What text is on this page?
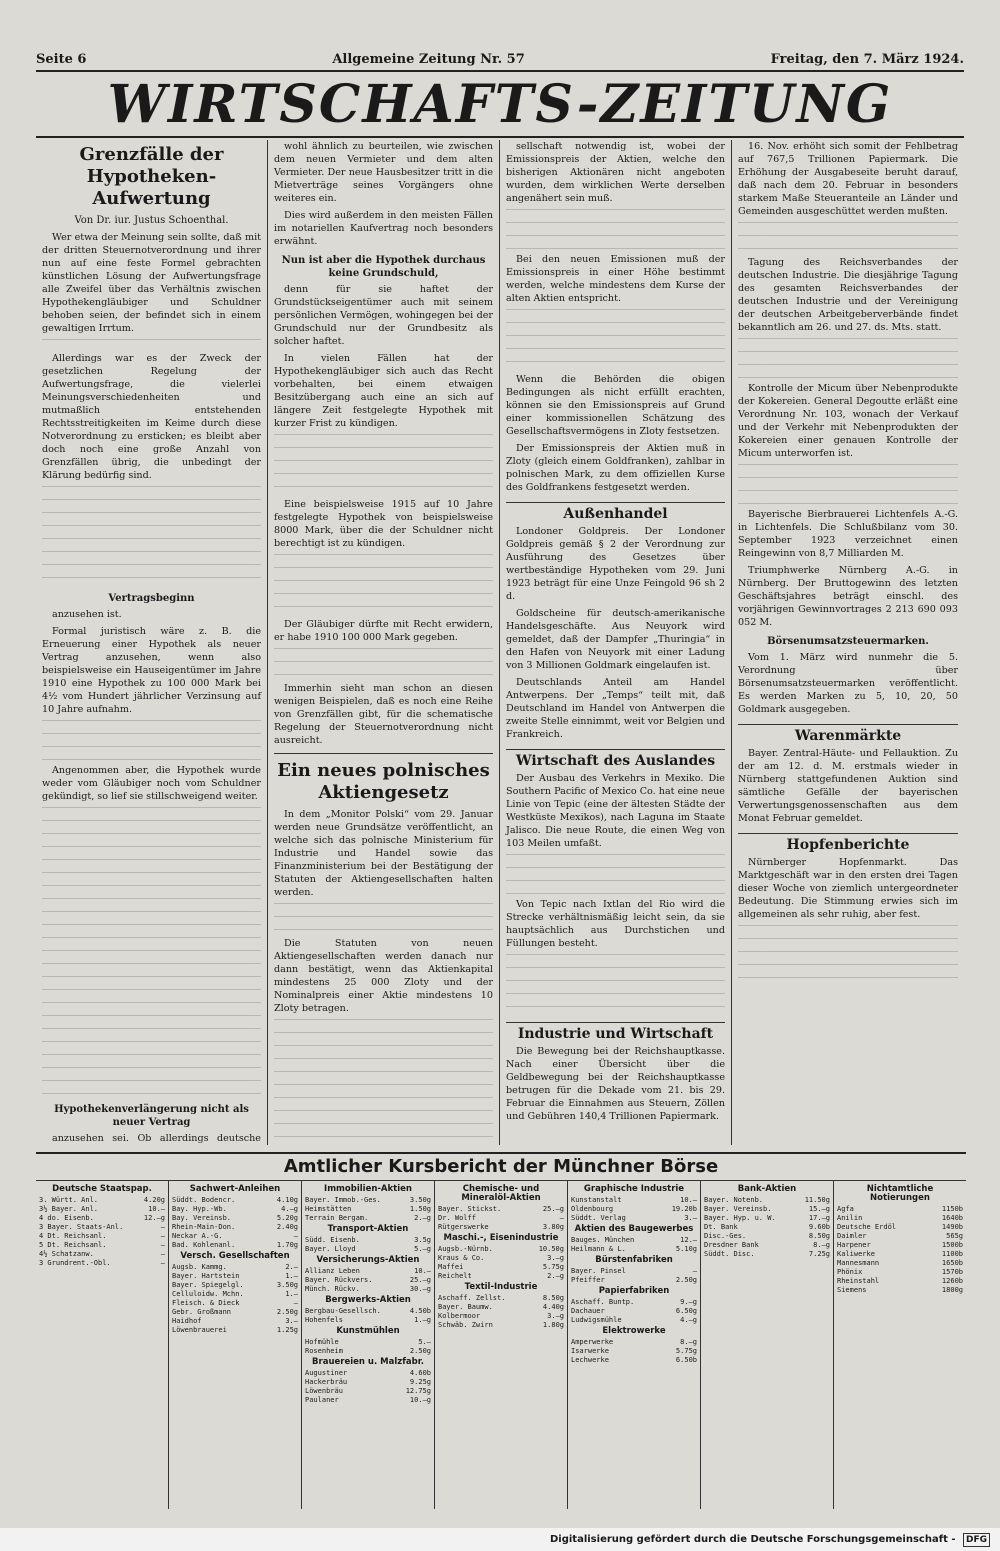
Seite 6	Allgemeine Zeitung Nr. 57	Freitag, den 7. März 1924.
WIRTSCHAFTS-ZEITUNG
Grenzfälle der Hypotheken-Aufwertung
Von Dr. iur. Justus Schoenthal.

Wer etwa der Meinung sein sollte, daß mit der dritten Steuernotverordnung und ihrer nun auf eine feste Formel gebrachten künstlichen Lösung der Aufwertungsfrage alle Zweifel über das Verhältnis zwischen Hypothekengläubiger und Schuldner behoben seien, der befindet sich in einem gewaltigen Irrtum.

Allerdings war es der Zweck der gesetzlichen Regelung der Aufwertungsfrage, die vielerlei Meinungsverschiedenheiten und mutmaßlich entstehenden Rechtsstreitigkeiten im Keime durch diese Notverordnung zu ersticken; es bleibt aber doch noch eine große Anzahl von Grenzfällen übrig, die unbedingt der Klärung bedürfig sind.

Vertragsbeginn

anzusehen ist.

Formal juristisch wäre z. B. die Erneuerung einer Hypothek als neuer Vertrag anzusehen, wenn also beispielsweise ein Hauseigentümer im Jahre 1910 eine Hypothek zu 100 000 Mark bei 4½ vom Hundert jährlicher Verzinsung auf 10 Jahre aufnahm.

Angenommen aber, die Hypothek wurde weder vom Gläubiger noch vom Schuldner gekündigt, so lief sie stillschweigend weiter.

Hypothekenverlängerung nicht als neuer Vertrag

anzusehen sei. Ob allerdings deutsche

wohl ähnlich zu beurteilen, wie zwischen dem neuen Vermieter und dem alten Vermieter. Der neue Hausbesitzer tritt in die Mietverträge seines Vorgängers ohne weiteres ein.

Dies wird außerdem in den meisten Fällen im notariellen Kaufvertrag noch besonders erwähnt.

Nun ist aber die Hypothek durchaus keine Grundschuld,

denn für sie haftet der Grundstückseigentümer auch mit seinem persönlichen Vermögen, wohingegen bei der Grundschuld nur der Grundbesitz als solcher haftet.

In vielen Fällen hat der Hypothekengläubiger sich auch das Recht vorbehalten, bei einem etwaigen Besitzübergang auch eine an sich auf längere Zeit festgelegte Hypothek mit kurzer Frist zu kündigen.

Eine beispielsweise 1915 auf 10 Jahre festgelegte Hypothek von beispielsweise 8000 Mark, über die der Schuldner nicht berechtigt ist zu kündigen.

Der Gläubiger dürfte mit Recht erwidern, er habe 1910 100 000 Mark gegeben.

Immerhin sieht man schon an diesen wenigen Beispielen, daß es noch eine Reihe von Grenzfällen gibt, für die schematische Regelung der Steuernotverordnung nicht ausreicht.

Ein neues polnisches Aktiengesetz

In dem „Monitor Polski“ vom 29. Januar werden neue Grundsätze veröffentlicht, an welche sich das polnische Ministerium für Industrie und Handel sowie das Finanzministerium bei der Bestätigung der Statuten der Aktiengesellschaften halten werden.

Die Statuten von neuen Aktiengesellschaften werden danach nur dann bestätigt, wenn das Aktienkapital mindestens 25 000 Zloty und der Nominalpreis einer Aktie mindestens 10 Zloty betragen.

sellschaft notwendig ist, wobei der Emissionspreis der Aktien, welche den bisherigen Aktionären nicht angeboten wurden, dem wirklichen Werte derselben angenähert sein muß.

Bei den neuen Emissionen muß der Emissionspreis in einer Höhe bestimmt werden, welche mindestens dem Kurse der alten Aktien entspricht.

Wenn die Behörden die obigen Bedingungen als nicht erfüllt erachten, können sie den Emissionspreis auf Grund einer kommissionellen Schätzung des Gesellschaftsvermögens in Zloty festsetzen.

Der Emissionspreis der Aktien muß in Zloty (gleich einem Goldfranken), zahlbar in polnischen Mark, zu dem offiziellen Kurse des Goldfrankens festgesetzt werden.

Außenhandel

Londoner Goldpreis. Der Londoner Goldpreis gemäß § 2 der Verordnung zur Ausführung des Gesetzes über wertbeständige Hypotheken vom 29. Juni 1923 beträgt für eine Unze Feingold 96 sh 2 d.

Goldscheine für deutsch-amerikanische Handelsgeschäfte. Aus Neuyork wird gemeldet, daß der Dampfer „Thuringia“ in den Hafen von Neuyork mit einer Ladung von 3 Millionen Goldmark eingelaufen ist.

Deutschlands Anteil am Handel Antwerpens. Der „Temps“ teilt mit, daß Deutschland im Handel von Antwerpen die zweite Stelle einnimmt, weit vor Belgien und Frankreich.

Wirtschaft des Auslandes

Der Ausbau des Verkehrs in Mexiko. Die Southern Pacific of Mexico Co. hat eine neue Linie von Tepic (eine der ältesten Städte der Westküste Mexikos), nach Laguna im Staate Jalisco. Die neue Route, die einen Weg von 103 Meilen umfaßt.

Von Tepic nach Ixtlan del Rio wird die Strecke verhältnismäßig leicht sein, da sie hauptsächlich aus Durchstichen und Füllungen besteht.

Industrie und Wirtschaft

Die Bewegung bei der Reichshauptkasse. Nach einer Übersicht über die Geldbewegung bei der Reichshauptkasse betrugen für die Dekade vom 21. bis 29. Februar die Einnahmen aus Steuern, Zöllen und Gebühren 140,4 Trillionen Papiermark.

16. Nov. erhöht sich somit der Fehlbetrag auf 767,5 Trillionen Papiermark. Die Erhöhung der Ausgabeseite beruht darauf, daß nach dem 20. Februar in besonders starkem Maße Steueranteile an Länder und Gemeinden ausgeschüttet werden mußten.

Tagung des Reichsverbandes der deutschen Industrie. Die diesjährige Tagung des gesamten Reichsverbandes der deutschen Industrie und der Vereinigung der deutschen Arbeitgeberverbände findet bekanntlich am 26. und 27. ds. Mts. statt.

Kontrolle der Micum über Nebenprodukte der Kokereien. General Degoutte erläßt eine Verordnung Nr. 103, wonach der Verkauf und der Verkehr mit Nebenprodukten der Kokereien einer genauen Kontrolle der Micum unterworfen ist.

Bayerische Bierbrauerei Lichtenfels A.-G. in Lichtenfels. Die Schlußbilanz vom 30. September 1923 verzeichnet einen Reingewinn von 8,7 Milliarden M.

Triumphwerke Nürnberg A.-G. in Nürnberg. Der Bruttogewinn des letzten Geschäftsjahres beträgt einschl. des vorjährigen Gewinnvortrages 2 213 690 093 052 M.

Börsenumsatzsteuermarken.

Vom 1. März wird nunmehr die 5. Verordnung über Börsenumsatzsteuermarken veröffentlicht. Es werden Marken zu 5, 10, 20, 50 Goldmark ausgegeben.

Warenmärkte

Bayer. Zentral-Häute- und Fellauktion. Zu der am 12. d. M. erstmals wieder in Nürnberg stattgefundenen Auktion sind sämtliche Gefälle der bayerischen Verwertungsgenossenschaften aus dem Monat Februar gemeldet.

Hopfenberichte

Nürnberger Hopfenmarkt. Das Marktgeschäft war in den ersten drei Tagen dieser Woche von ziemlich untergeordneter Bedeutung. Die Stimmung erwies sich im allgemeinen als sehr ruhig, aber fest.

Amtlicher Kursbericht der Münchner Börse
Deutsche Staatspap.
3. Württ. Anl.	4.20g
3½ Bayer. Anl.	10.—
4 do. Eisenb.	12.—g
3 Bayer. Staats-Anl.	—
4 Dt. Reichsanl.	—
5 Dt. Reichsanl.	—
4½ Schatzanw.	—
3 Grundrent.-Obl.	—
Sachwert-Anleihen
Süddt. Bodencr.	4.10g
Bay. Hyp.-Wb.	4.—g
Bay. Vereinsb.	5.20g
Rhein-Main-Don.	2.40g
Neckar A.-G.	—
Bad. Kohlenanl.	1.70g
Versch. Gesellschaften
Augsb. Kammg.	2.—
Bayer. Hartstein	1.—
Bayer. Spiegelgl.	3.50g
Celluloidw. Mchn.	1.—
Fleisch. & Dieck	—
Gebr. Großmann	2.50g
Haidhof	3.—
Löwenbrauerei	1.25g
Immobilien-Aktien
Bayer. Immob.-Ges.	3.50g
Heimstätten	1.50g
Terrain Bergam.	2.—g
Transport-Aktien
Südd. Eisenb.	3.5g
Bayer. Lloyd	5.—g
Versicherungs-Aktien
Allianz Leben	10.—
Bayer. Rückvers.	25.—g
Münch. Rückv.	30.—g
Bergwerks-Aktien
Bergbau-Gesellsch.	4.50b
Hohenfels	1.—g
Kunstmühlen
Hofmühle	5.—
Rosenheim	2.50g
Brauereien u. Malzfabr.
Augustiner	4.60b
Hackerbräu	9.25g
Löwenbräu	12.75g
Paulaner	10.—g
Chemische- und Mineralöl-Aktien
Bayer. Stickst.	25.—g
Dr. Wolff	—
Rütgerswerke	3.80g
Maschi.-, Eisenindustrie
Augsb.-Nürnb.	10.50g
Kraus & Co.	3.—g
Maffei	5.75g
Reichelt	2.—g
Textil-Industrie
Aschaff. Zellst.	8.50g
Bayer. Baumw.	4.40g
Kolbermoor	3.—g
Schwäb. Zwirn	1.80g
Graphische Industrie
Kunstanstalt	10.—
Oldenbourg	19.20b
Süddt. Verlag	3.—
Aktien des Baugewerbes
Bauges. München	12.—
Heilmann & L.	5.10g
Bürstenfabriken
Bayer. Pinsel	—
Pfeiffer	2.50g
Papierfabriken
Aschaff. Buntp.	9.—g
Dachauer	6.50g
Ludwigsmühle	4.—g
Elektrowerke
Amperwerke	8.—g
Isarwerke	5.75g
Lechwerke	6.50b
Bank-Aktien
Bayer. Notenb.	11.50g
Bayer. Vereinsb.	15.—g
Bayer. Hyp. u. W.	17.—g
Dt. Bank	9.60b
Disc.-Ges.	8.50g
Dresdner Bank	8.—g
Süddt. Disc.	7.25g
Nichtamtliche Notierungen
Agfa	1150b
Anilin	1640b
Deutsche Erdöl	1490b
Daimler	565g
Harpener	1500b
Kaliwerke	1100b
Mannesmann	1650b
Phönix	1570b
Rheinstahl	1260b
Siemens	1800g
Digitalisierung gefördert durch die Deutsche Forschungsgemeinschaft - DFG
